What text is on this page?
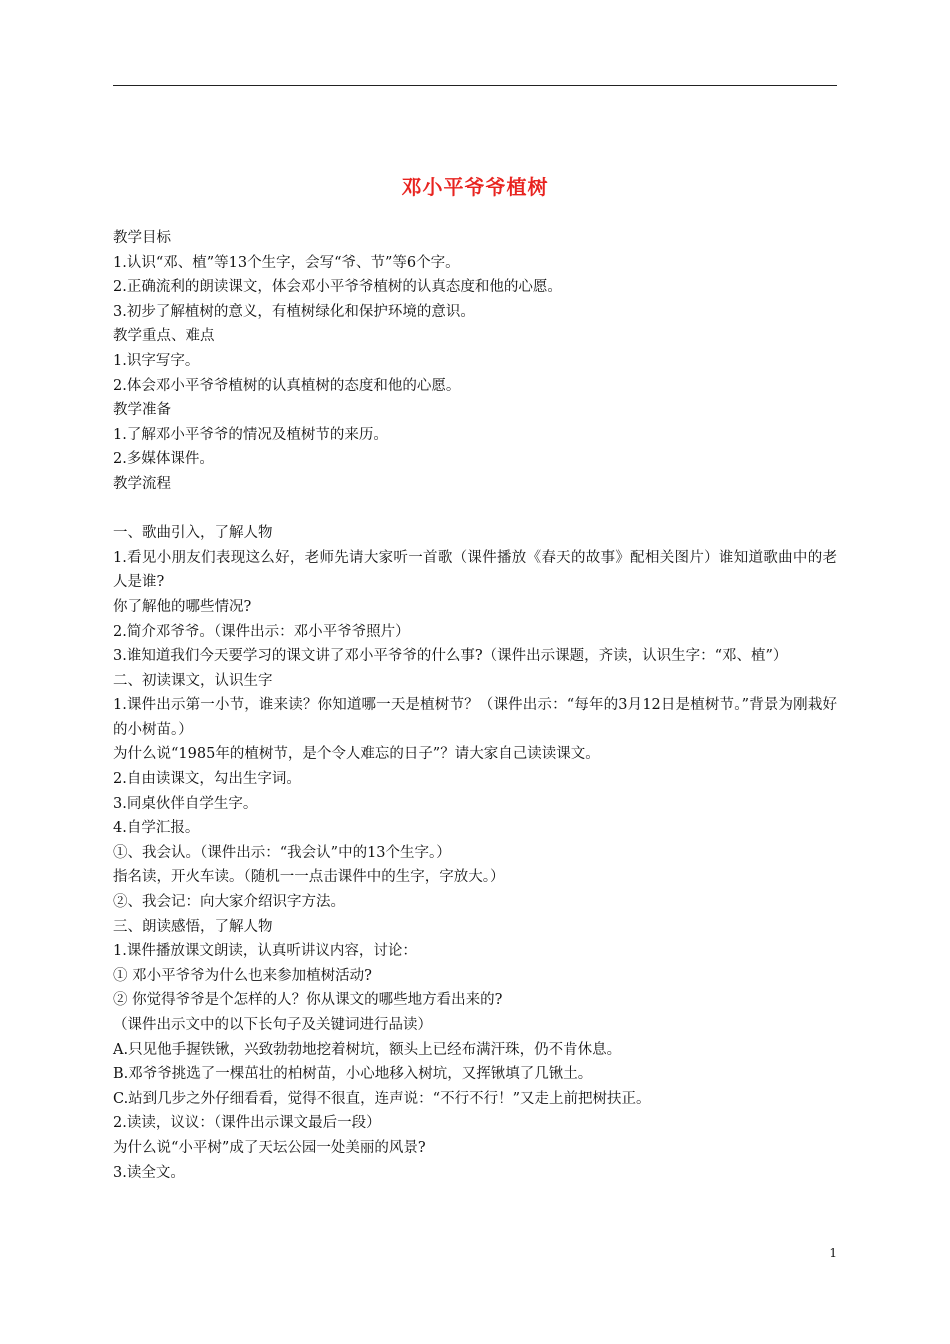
邓小平爷爷植树
教学目标
1.认识“邓、植”等13个生字，会写“爷、节”等6个字。
2.正确流利的朗读课文，体会邓小平爷爷植树的认真态度和他的心愿。
3.初步了解植树的意义，有植树绿化和保护环境的意识。
教学重点、难点
1.识字写字。
2.体会邓小平爷爷植树的认真植树的态度和他的心愿。
教学准备
1.了解邓小平爷爷的情况及植树节的来历。
2.多媒体课件。
教学流程
一、歌曲引入，了解人物
1.看见小朋友们表现这么好，老师先请大家听一首歌（课件播放《春天的故事》配相关图片）谁知道歌曲中的老人是谁?
你了解他的哪些情况?
2.简介邓爷爷。（课件出示：邓小平爷爷照片）
3.谁知道我们今天要学习的课文讲了邓小平爷爷的什么事?（课件出示课题，齐读，认识生字：“邓、植”）
二、初读课文，认识生字
1.课件出示第一小节，谁来读？你知道哪一天是植树节？（课件出示：“每年的3月12日是植树节。”背景为刚栽好的小树苗。）
为什么说“1985年的植树节，是个令人难忘的日子”？请大家自己读读课文。
2.自由读课文，勾出生字词。
3.同桌伙伴自学生字。
4.自学汇报。
①、我会认。（课件出示：“我会认”中的13个生字。）
指名读，开火车读。（随机一一点击课件中的生字，字放大。）
②、我会记：向大家介绍识字方法。
三、朗读感悟，了解人物
1.课件播放课文朗读，认真听讲议内容，讨论：
① 邓小平爷爷为什么也来参加植树活动?
② 你觉得爷爷是个怎样的人？你从课文的哪些地方看出来的?
（课件出示文中的以下长句子及关键词进行品读）
A.只见他手握铁锹，兴致勃勃地挖着树坑，额头上已经布满汗珠，仍不肯休息。
B.邓爷爷挑选了一棵茁壮的柏树苗，小心地移入树坑，又挥锹填了几锹土。
C.站到几步之外仔细看看，觉得不很直，连声说：“不行不行！”又走上前把树扶正。
2.读读，议议：（课件出示课文最后一段）
为什么说“小平树”成了天坛公园一处美丽的风景?
3.读全文。
1
